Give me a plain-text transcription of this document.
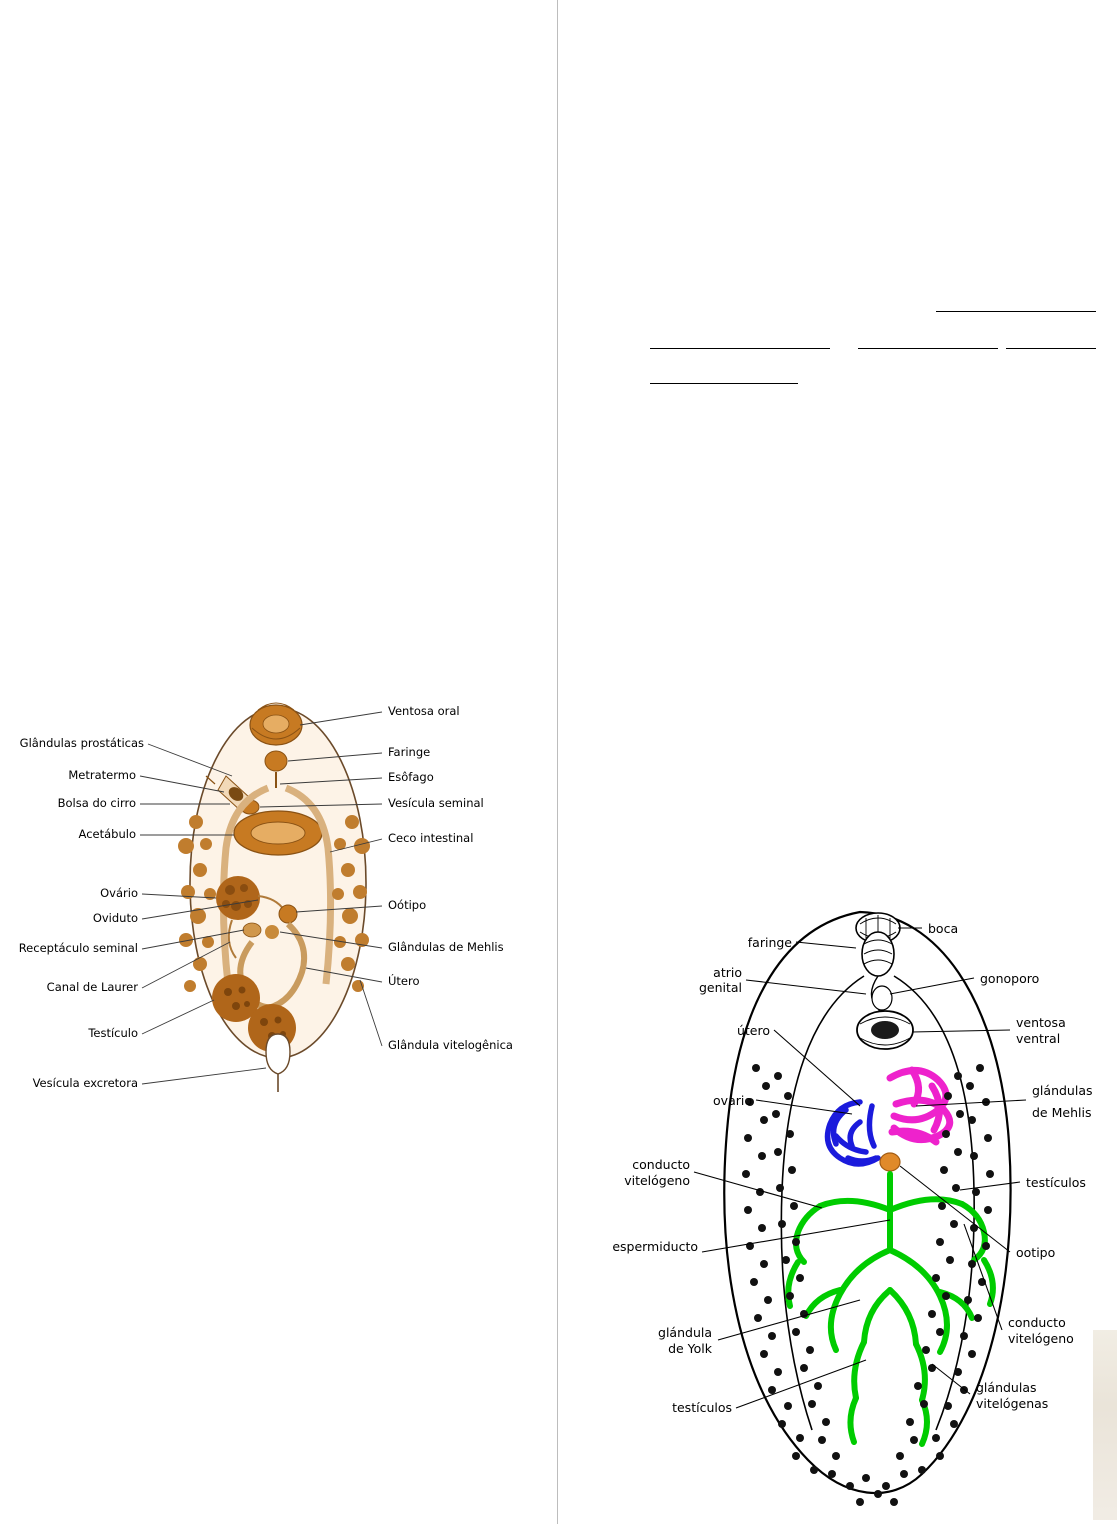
Glândulas prostáticas
Metratermo
Bolsa do cirro
Acetábulo
Ovário
Oviduto
Receptáculo seminal
Canal de Laurer
Testículo
Vesícula excretora
Ventosa oral
Faringe
Esôfago
Vesícula seminal
Ceco intestinal
Oótipo
Glândulas de Mehlis
Útero
Glândula vitelogênica
faringe
atrio
genital
útero
ovario
conducto
vitelógeno
espermiducto
glándula
de Yolk
testículos
boca
gonoporo
ventosa
ventral
glándulas
de Mehlis
testículos
ootipo
conducto
vitelógeno
glándulas
vitelógenas
